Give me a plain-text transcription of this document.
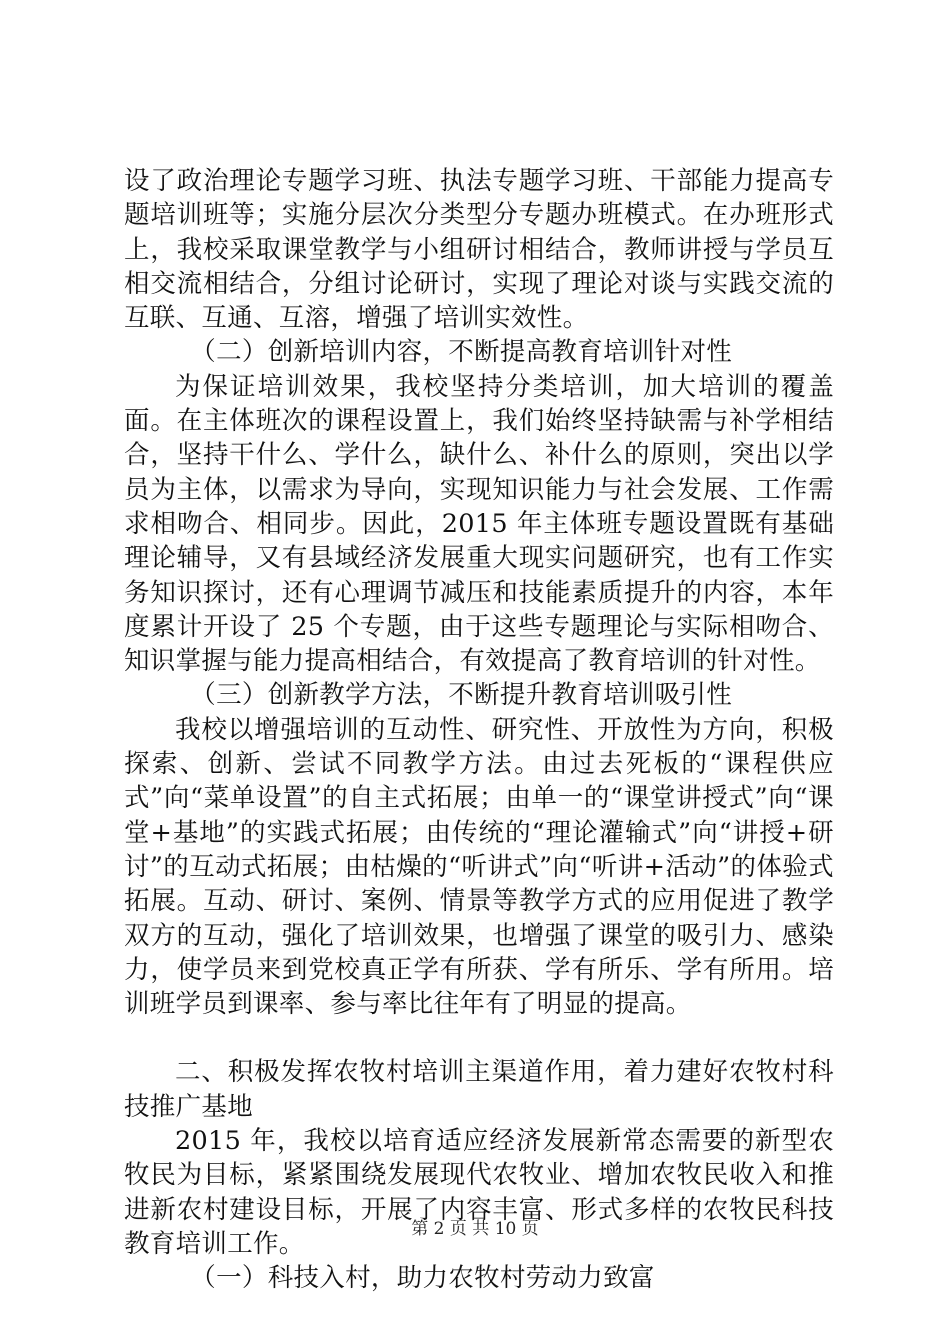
设了政治理论专题学习班、执法专题学习班、干部能力提高专题培训班等；实施分层次分类型分专题办班模式。在办班形式上，我校采取课堂教学与小组研讨相结合，教师讲授与学员互相交流相结合，分组讨论研讨，实现了理论对谈与实践交流的互联、互通、互溶，增强了培训实效性。

（二）创新培训内容，不断提高教育培训针对性

为保证培训效果，我校坚持分类培训，加大培训的覆盖面。在主体班次的课程设置上，我们始终坚持缺需与补学相结合，坚持干什么、学什么，缺什么、补什么的原则，突出以学员为主体，以需求为导向，实现知识能力与社会发展、工作需求相吻合、相同步。因此，2015 年主体班专题设置既有基础理论辅导，又有县域经济发展重大现实问题研究，也有工作实务知识探讨，还有心理调节减压和技能素质提升的内容，本年度累计开设了 25 个专题，由于这些专题理论与实际相吻合、知识掌握与能力提高相结合，有效提高了教育培训的针对性。

（三）创新教学方法，不断提升教育培训吸引性

我校以增强培训的互动性、研究性、开放性为方向，积极探索、创新、尝试不同教学方法。由过去死板的“课程供应式”向“菜单设置”的自主式拓展；由单一的“课堂讲授式”向“课堂+基地”的实践式拓展；由传统的“理论灌输式”向“讲授+研讨”的互动式拓展；由枯燥的“听讲式”向“听讲+活动”的体验式拓展。互动、研讨、案例、情景等教学方式的应用促进了教学双方的互动，强化了培训效果，也增强了课堂的吸引力、感染力，使学员来到党校真正学有所获、学有所乐、学有所用。培训班学员到课率、参与率比往年有了明显的提高。

二、积极发挥农牧村培训主渠道作用，着力建好农牧村科技推广基地

2015 年，我校以培育适应经济发展新常态需要的新型农牧民为目标，紧紧围绕发展现代农牧业、增加农牧民收入和推进新农村建设目标，开展了内容丰富、形式多样的农牧民科技教育培训工作。

（一）科技入村，助力农牧村劳动力致富

第 2 页 共 10 页
